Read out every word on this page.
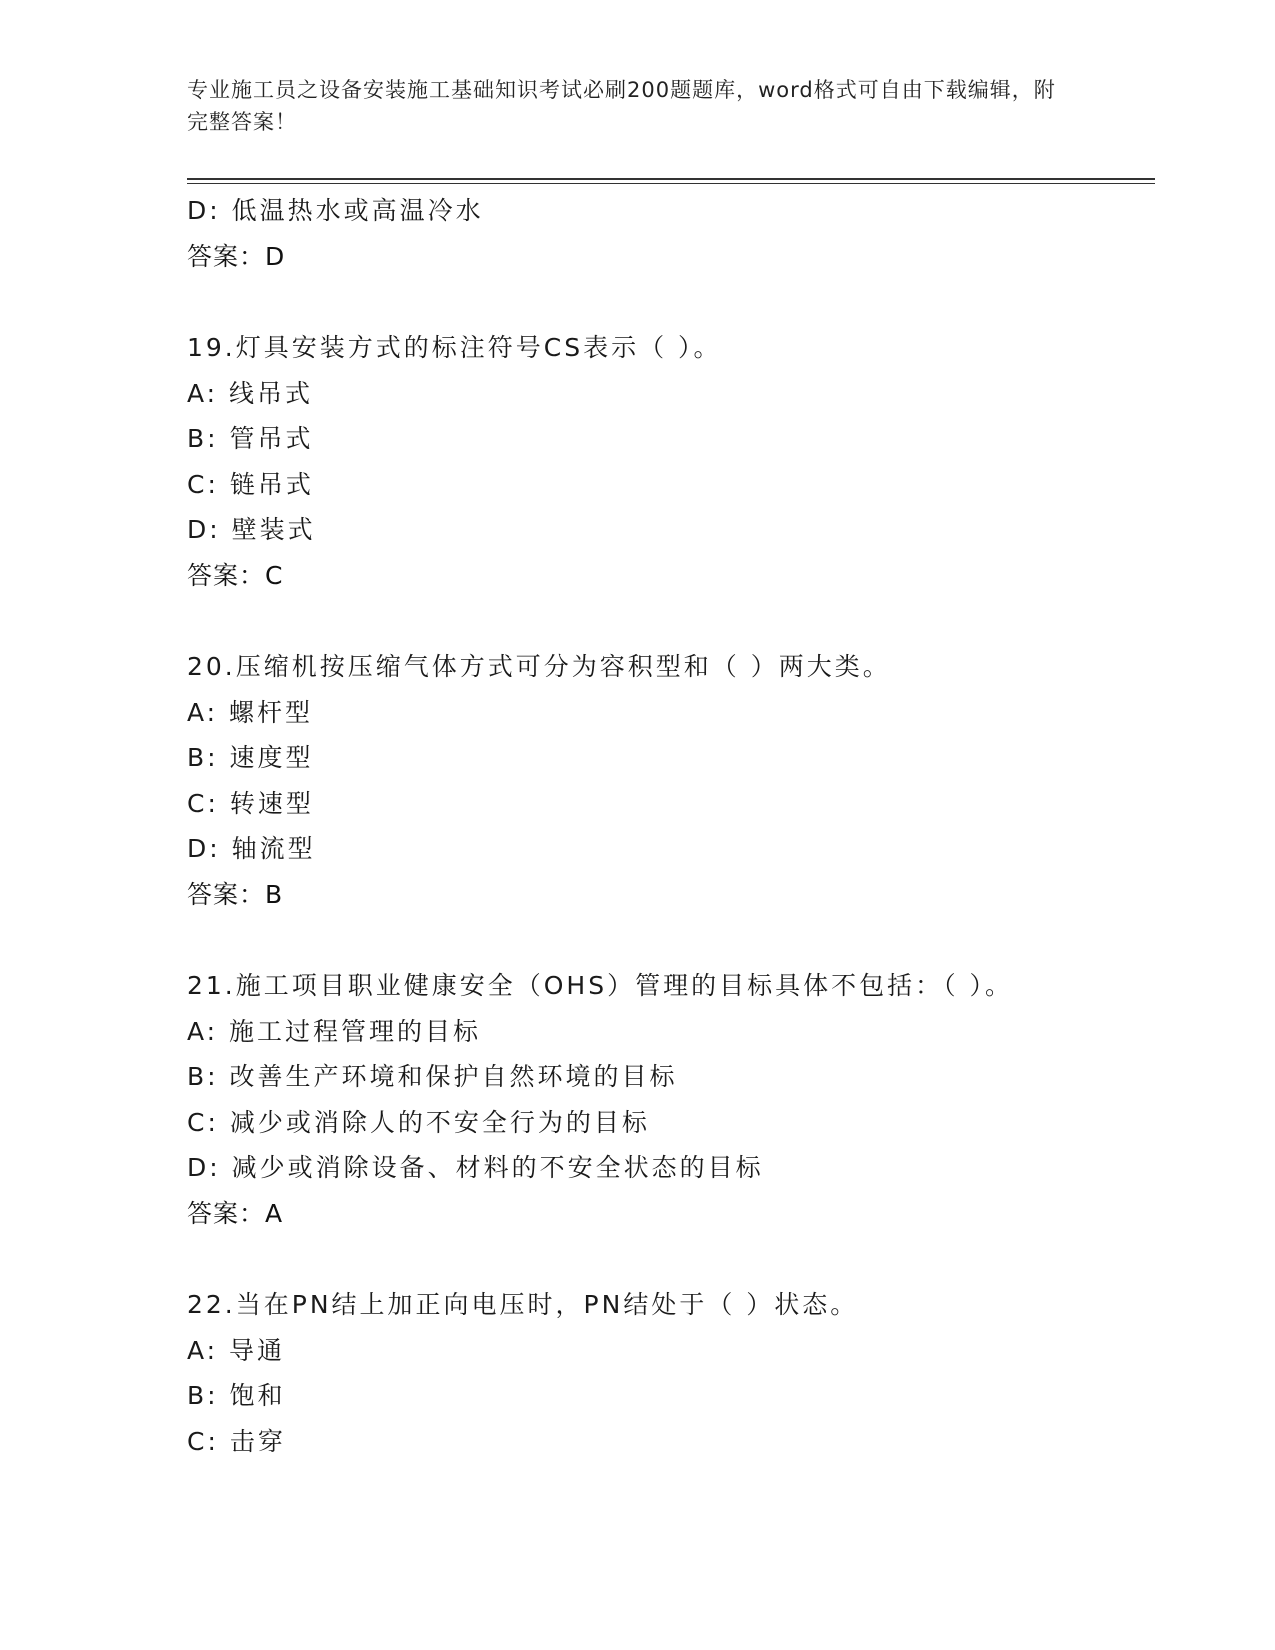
专业施工员之设备安装施工基础知识考试必刷200题题库，word格式可自由下载编辑，附完整答案！
D: 低温热水或高温冷水
答案：D
19.灯具安装方式的标注符号CS表示（ ）。
A: 线吊式
B: 管吊式
C: 链吊式
D: 壁装式
答案：C
20.压缩机按压缩气体方式可分为容积型和（ ）两大类。
A: 螺杆型
B: 速度型
C: 转速型
D: 轴流型
答案：B
21.施工项目职业健康安全（OHS）管理的目标具体不包括：（ ）。
A: 施工过程管理的目标
B: 改善生产环境和保护自然环境的目标
C: 减少或消除人的不安全行为的目标
D: 减少或消除设备、材料的不安全状态的目标
答案：A
22.当在PN结上加正向电压时，PN结处于（ ）状态。
A: 导通
B: 饱和
C: 击穿
